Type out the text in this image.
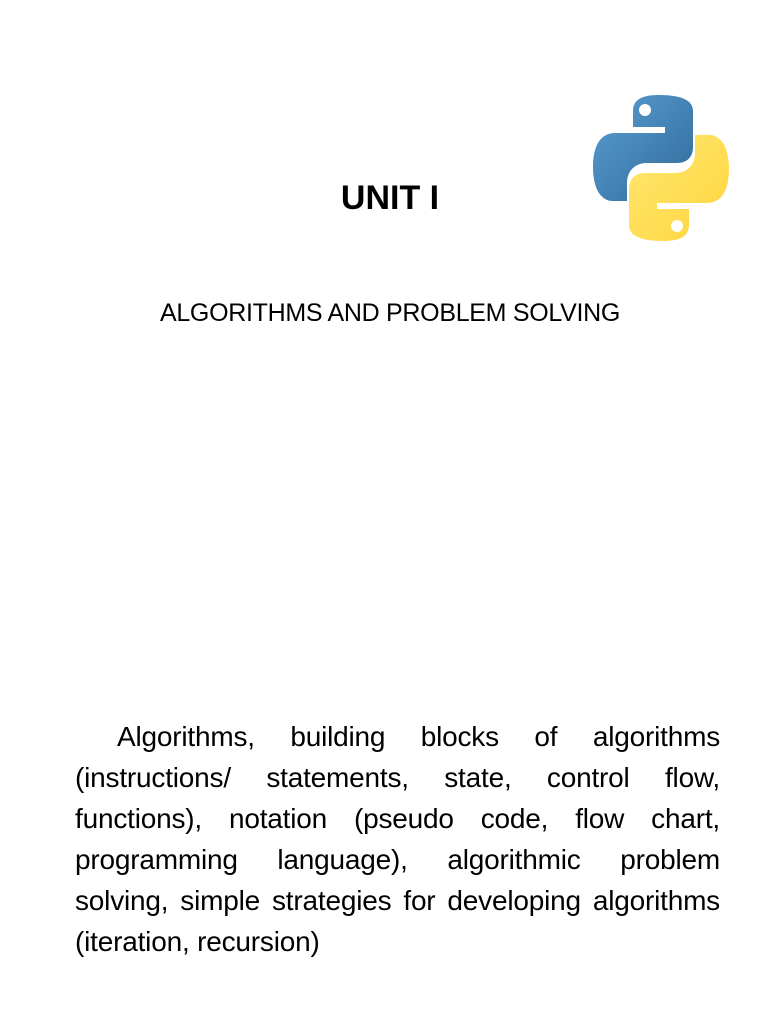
UNIT I
ALGORITHMS AND PROBLEM SOLVING
Algorithms, building blocks of algorithms (instructions/ statements, state, control flow, functions), notation (pseudo code, flow chart, programming language), algorithmic problem solving, simple strategies for developing algorithms (iteration, recursion)
